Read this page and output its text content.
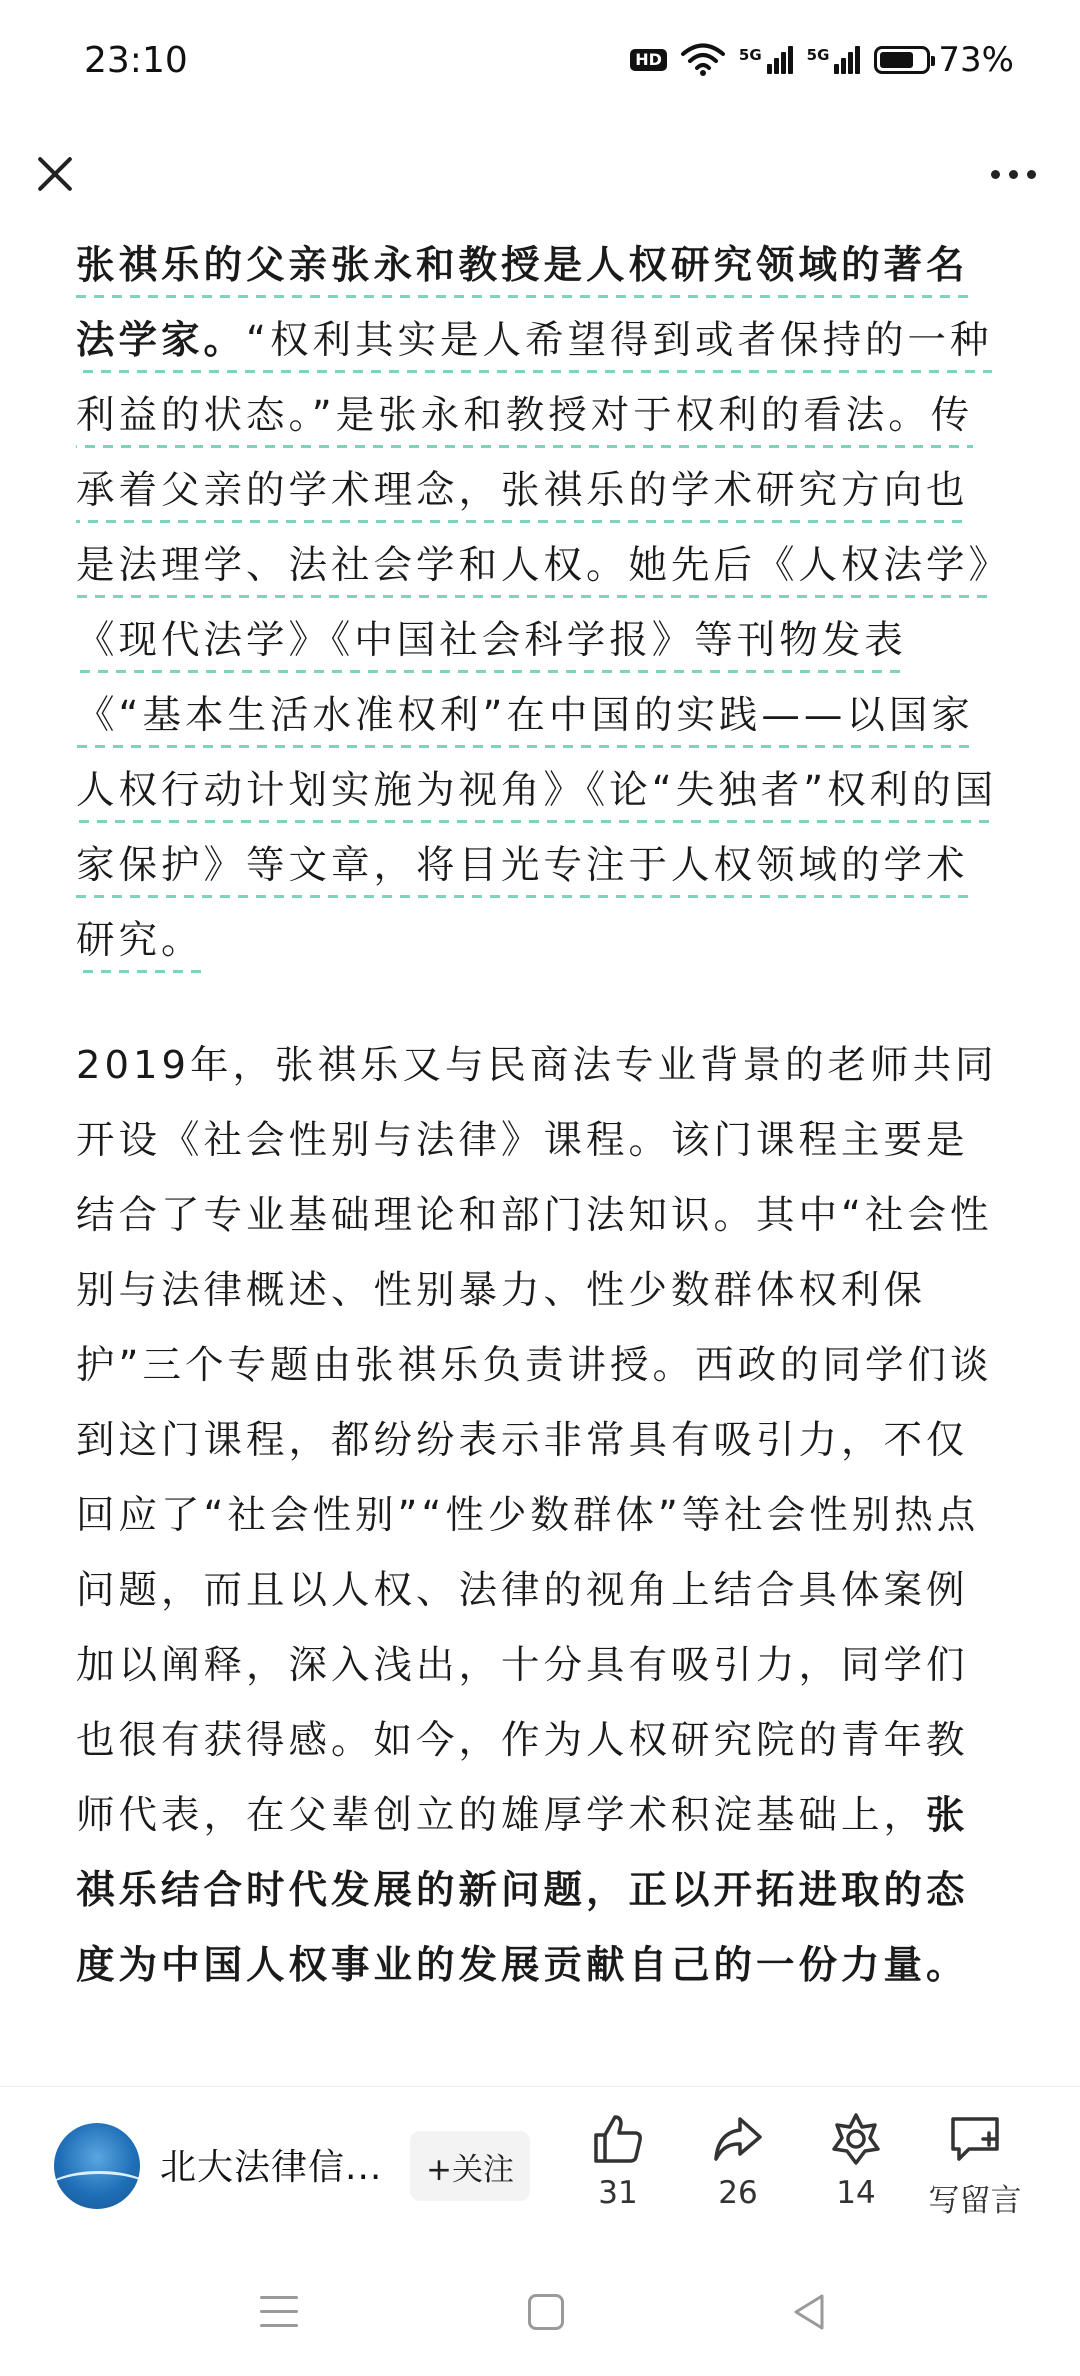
23:10	HD	5G	5G	73%

张祺乐的父亲张永和教授是人权研究领域的著名法学家。“权利其实是人希望得到或者保持的一种利益的状态。”是张永和教授对于权利的看法。传承着父亲的学术理念，张祺乐的学术研究方向也是法理学、法社会学和人权。她先后《人权法学》《现代法学》《中国社会科学报》等刊物发表《“基本生活水准权利”在中国的实践——以国家人权行动计划实施为视角》《论“失独者”权利的国家保护》等文章，将目光专注于人权领域的学术研究。

2019年，张祺乐又与民商法专业背景的老师共同开设《社会性别与法律》课程。该门课程主要是结合了专业基础理论和部门法知识。其中“社会性别与法律概述、性别暴力、性少数群体权利保护”三个专题由张祺乐负责讲授。西政的同学们谈到这门课程，都纷纷表示非常具有吸引力，不仅回应了“社会性别”“性少数群体”等社会性别热点问题，而且以人权、法律的视角上结合具体案例加以阐释，深入浅出，十分具有吸引力，同学们也很有获得感。如今，作为人权研究院的青年教师代表，在父辈创立的雄厚学术积淀基础上，张祺乐结合时代发展的新问题，正以开拓进取的态度为中国人权事业的发展贡献自己的一份力量。

北大法律信...	+关注
31	26	14	写留言
